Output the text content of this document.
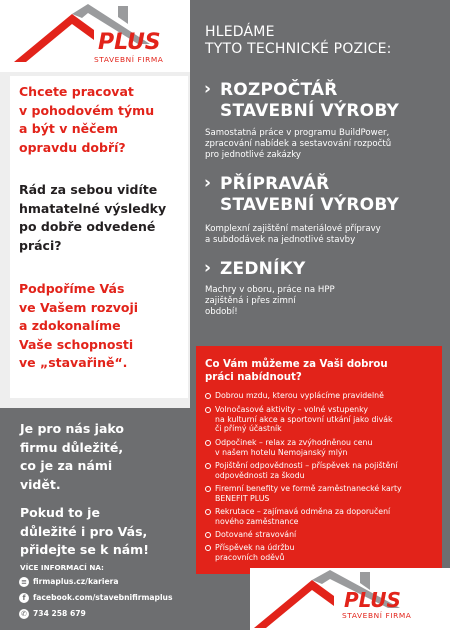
PLUS
STAVEBNÍ FIRMA
Chcete pracovat
v pohodovém týmu
a být v něčem
opravdu dobří?
Rád za sebou vidíte
hmatatelné výsledky
po dobře odvedené
práci?
Podpoříme Vás
ve Vašem rozvoji
a zdokonalíme
Vaše schopnosti
ve „stavařině“.
Je pro nás jako
firmu důležité,
co je za námi
vidět.
Pokud to je
důležité i pro Vás,
přidejte se k nám!
VÍCE INFORMACÍ NA:
≡ firmaplus.cz/kariera
f facebook.com/stavebnifirmaplus
✆ 734 258 679
HLEDÁME
TYTO TECHNICKÉ POZICE:
› ROZPOČTÁŘ
STAVEBNÍ VÝROBY
Samostatná práce v programu BuildPower,
zpracování nabídek a sestavování rozpočtů
pro jednotlivé zakázky
› PŘÍPRAVÁŘ
STAVEBNÍ VÝROBY
Komplexní zajištění materiálové přípravy
a subdodávek na jednotlivé stavby
› ZEDNÍKY
Machry v oboru, práce na HPP
zajištěná i přes zimní
období!
Co Vám můžeme za Vaši dobrou
práci nabídnout?
Dobrou mzdu, kterou vyplácíme pravidelně
Volnočasové aktivity – volné vstupenky
na kulturní akce a sportovní utkání jako divák
či přímý účastník
Odpočinek – relax za zvýhodněnou cenu
v našem hotelu Nemojanský mlýn
Pojištění odpovědnosti – příspěvek na pojištění
odpovědnosti za škodu
Firemní benefity ve formě zaměstnanecké karty
BENEFIT PLUS
Rekrutace – zajímavá odměna za doporučení
nového zaměstnance
Dotované stravování
Příspěvek na údržbu
pracovních oděvů
PLUS
STAVEBNÍ FIRMA
